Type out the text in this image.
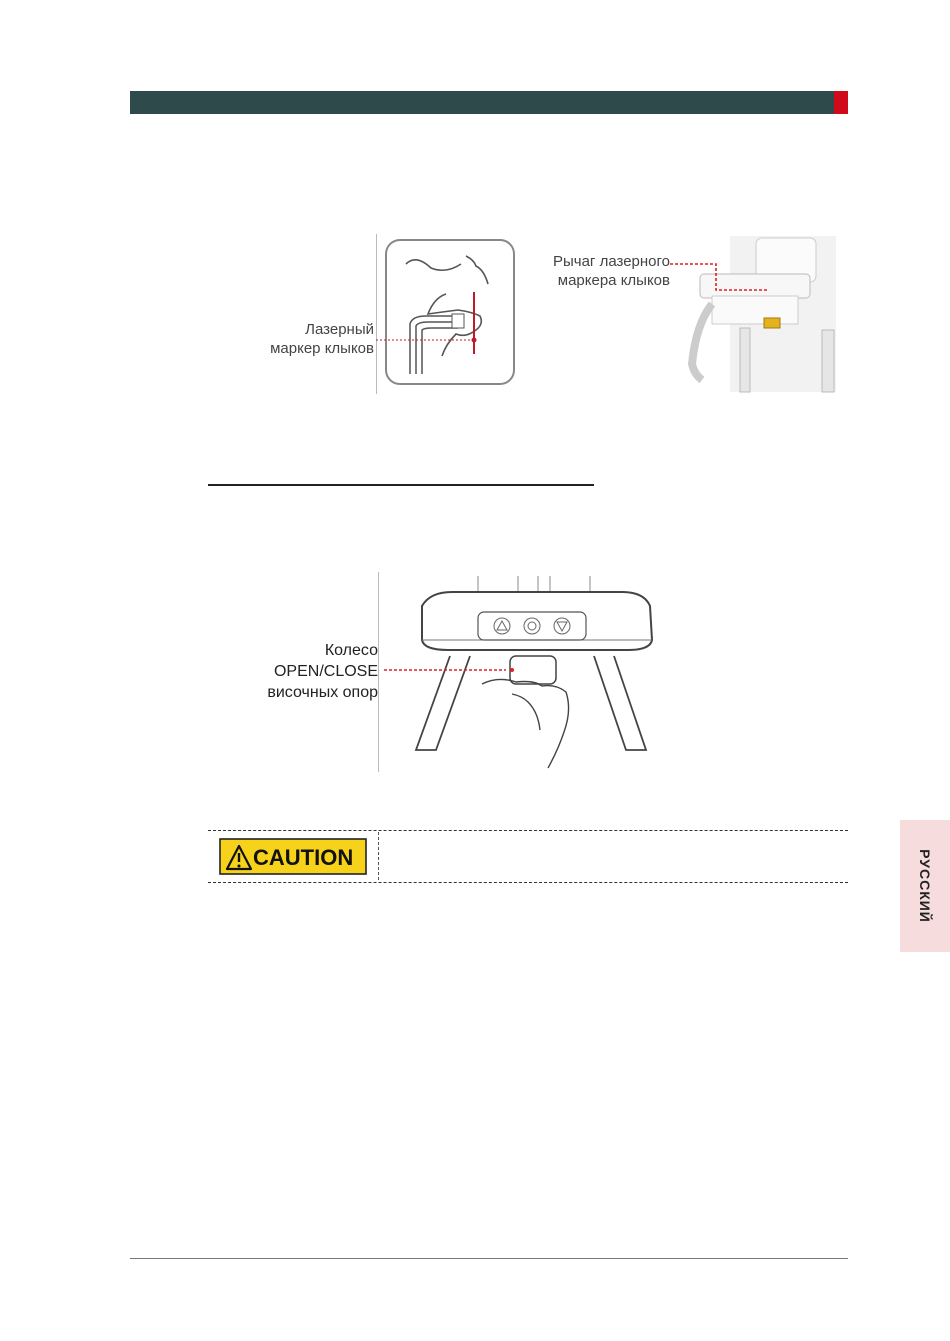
Лазерный
маркер клыков
Рычаг лазерного
маркера клыков
Колесо
OPEN/CLOSE
височных опор
CAUTION	РУССКИЙ
